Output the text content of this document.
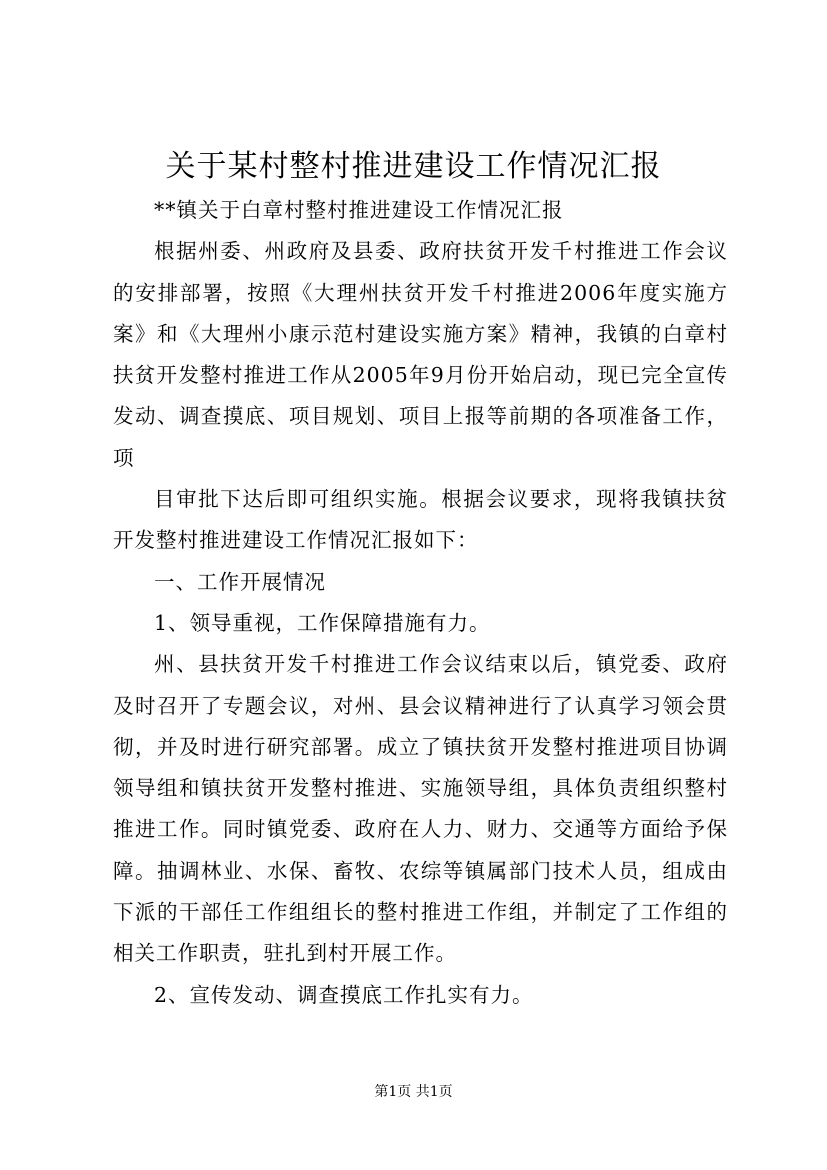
关于某村整村推进建设工作情况汇报

**镇关于白章村整村推进建设工作情况汇报

根据州委、州政府及县委、政府扶贫开发千村推进工作会议的安排部署，按照《大理州扶贫开发千村推进2006年度实施方案》和《大理州小康示范村建设实施方案》精神，我镇的白章村扶贫开发整村推进工作从2005年9月份开始启动，现已完全宣传发动、调查摸底、项目规划、项目上报等前期的各项准备工作，项

目审批下达后即可组织实施。根据会议要求，现将我镇扶贫开发整村推进建设工作情况汇报如下：

一、工作开展情况

1、领导重视，工作保障措施有力。

州、县扶贫开发千村推进工作会议结束以后，镇党委、政府及时召开了专题会议，对州、县会议精神进行了认真学习领会贯彻，并及时进行研究部署。成立了镇扶贫开发整村推进项目协调领导组和镇扶贫开发整村推进、实施领导组，具体负责组织整村推进工作。同时镇党委、政府在人力、财力、交通等方面给予保障。抽调林业、水保、畜牧、农综等镇属部门技术人员，组成由下派的干部任工作组组长的整村推进工作组，并制定了工作组的相关工作职责，驻扎到村开展工作。

2、宣传发动、调查摸底工作扎实有力。

第1页 共1页
